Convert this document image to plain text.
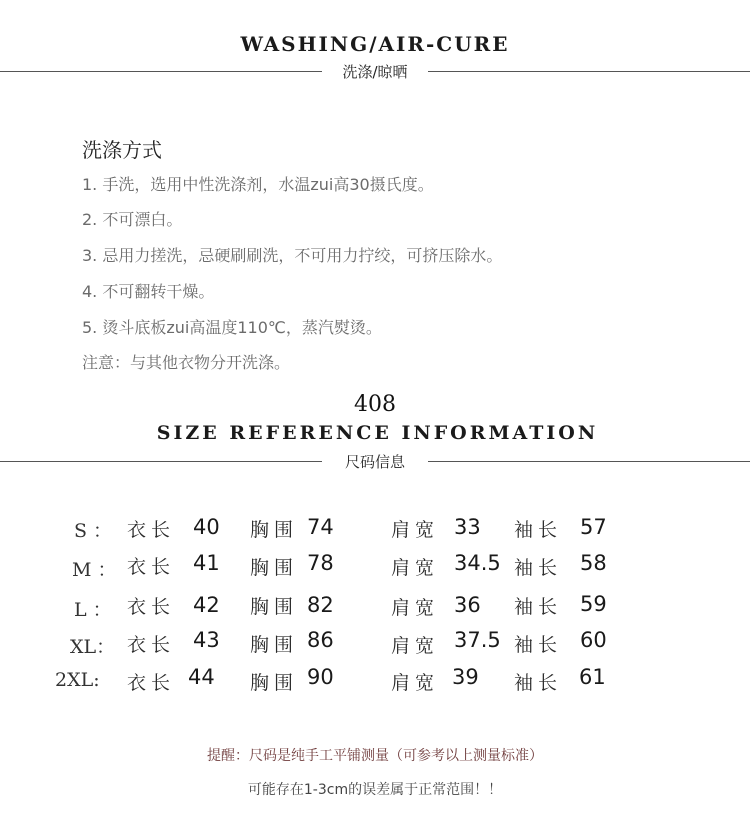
WASHING/AIR-CURE
洗涤/晾晒
洗涤方式
1. 手洗，选用中性洗涤剂，水温zui高30摄氏度。
2. 不可漂白。
3. 忌用力搓洗，忌硬刷刷洗，不可用力拧绞，可挤压除水。
4. 不可翻转干燥。
5. 烫斗底板zui高温度110℃，蒸汽熨烫。
注意：与其他衣物分开洗涤。
408
SIZE REFERENCE INFORMATION
尺码信息
S ： 衣长 40 胸围 74	肩宽 33 袖长 57
M ： 衣长 41 胸围 78	肩宽 34.5 袖长 58
L ： 衣长 42 胸围 82	肩宽 36 袖长 59
XL： 衣长 43 胸围 86	肩宽 37.5 袖长 60
2XL: 衣长 44 胸围 90	肩宽 39 袖长 61
提醒：尺码是纯手工平铺测量（可参考以上测量标准）
可能存在1-3cm的误差属于正常范围！！
